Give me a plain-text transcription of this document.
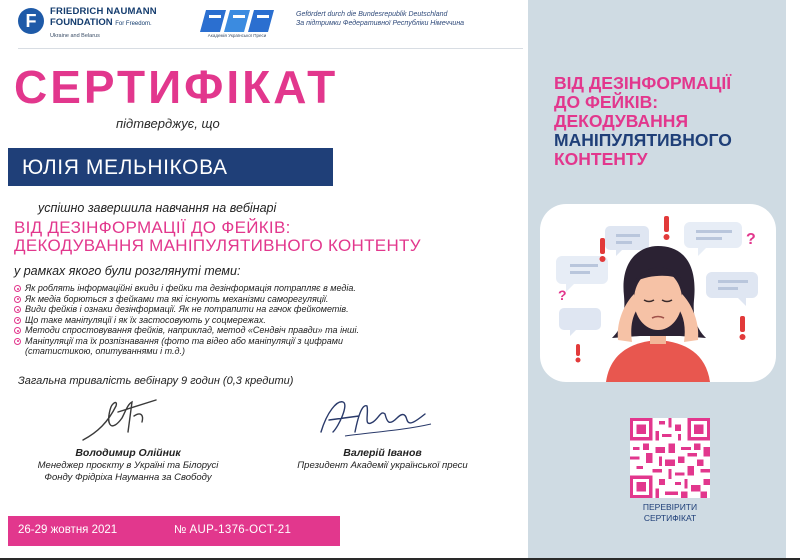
F	FRIEDRICH NAUMANN
FOUNDATION For Freedom.
Ukraine and Belarus	Академія Української Преси
Gefördert durch die Bundesrepublik Deutschland
За підтримки Федеративної Республіки Німеччина
СЕРТИФІКАТ
підтверджує, що
ЮЛІЯ МЕЛЬНІКОВА
успішно завершила навчання на вебінарі
ВІД ДЕЗІНФОРМАЦІЇ ДО ФЕЙКІВ:
ДЕКОДУВАННЯ МАНІПУЛЯТИВНОГО КОНТЕНТУ
у рамках якого були розглянуті теми:
Як роблять інформаційні вкиди і фейки та дезінформація потрапляє в медіа.
Як медіа борються з фейками та які існують механізми саморегуляції.
Види фейків і ознаки дезінформації. Як не потрапити на гачок фейкометів.
Що таке маніпуляції і як їх застосовують у соцмережах.
Методи спростовування фейків, наприклад, метод «Сендвіч правди» та інші.
Маніпуляції та їх розпізнавання (фото та відео або маніпуляції з цифрами
(статистикою, опитуваннями і т.д.)
Загальна тривалість вебінару 9 годин (0,3 кредити)
Володимир Олійник
Менеджер проєкту в Україні та Білорусі
Фонду Фрідріха Науманна за Свободу
Валерій Іванов
Президент Академії української преси
26-29 жовтня 2021	№ AUP-1376-OCT-21
ВІД ДЕЗІНФОРМАЦІЇ
ДО ФЕЙКІВ:
ДЕКОДУВАННЯ
МАНІПУЛЯТИВНОГО
КОНТЕНТУ
?
?
ПЕРЕВІРИТИ
СЕРТИФІКАТ
